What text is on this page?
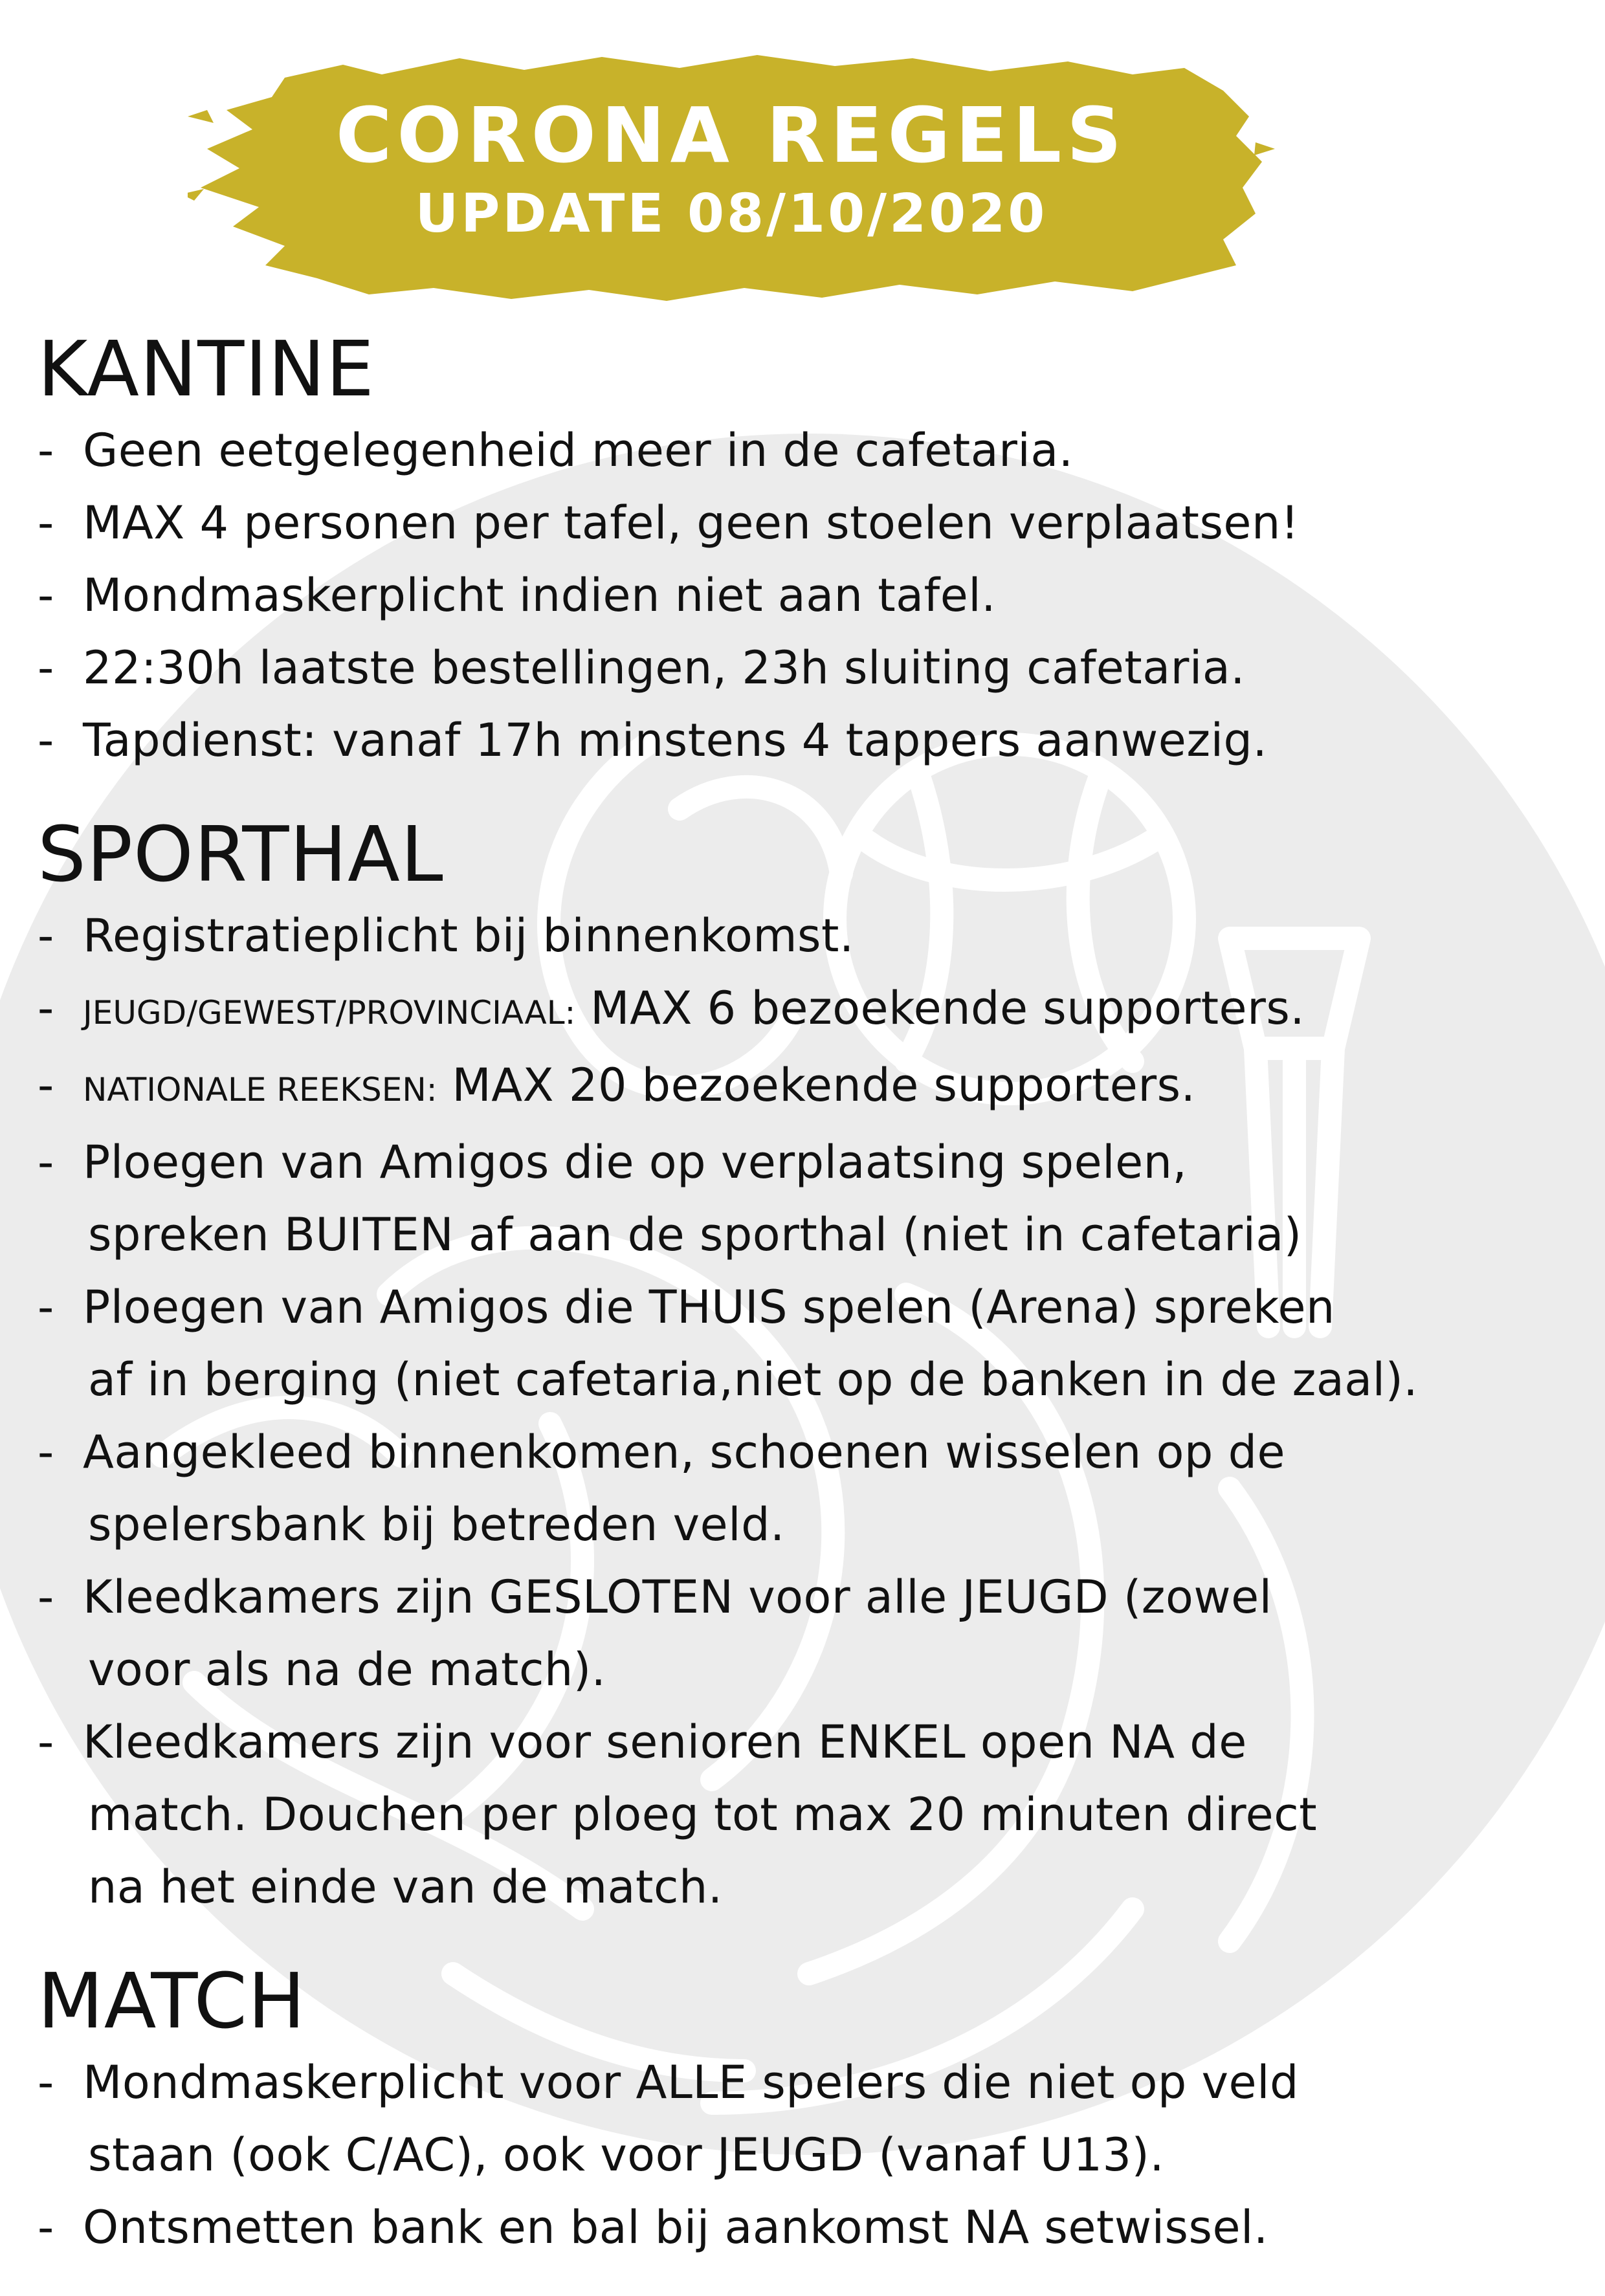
CORONA REGELS
UPDATE 08/10/2020
KANTINE
- Geen eetgelegenheid meer in de cafetaria.
- MAX 4 personen per tafel, geen stoelen verplaatsen!
- Mondmaskerplicht indien niet aan tafel.
- 22:30h laatste bestellingen, 23h sluiting cafetaria.
- Tapdienst: vanaf 17h minstens 4 tappers aanwezig.
SPORTHAL
- Registratieplicht bij binnenkomst.
- JEUGD/GEWEST/PROVINCIAAL: MAX 6 bezoekende supporters.
- NATIONALE REEKSEN: MAX 20 bezoekende supporters.
- Ploegen van Amigos die op verplaatsing spelen,
spreken BUITEN af aan de sporthal (niet in cafetaria)
- Ploegen van Amigos die THUIS spelen (Arena) spreken
af in berging (niet cafetaria,niet op de banken in de zaal).
- Aangekleed binnenkomen, schoenen wisselen op de
spelersbank bij betreden veld.
- Kleedkamers zijn GESLOTEN voor alle JEUGD (zowel
voor als na de match).
- Kleedkamers zijn voor senioren ENKEL open NA de
match. Douchen per ploeg tot max 20 minuten direct
na het einde van de match.
MATCH
- Mondmaskerplicht voor ALLE spelers die niet op veld
staan (ook C/AC), ook voor JEUGD (vanaf U13).
- Ontsmetten bank en bal bij aankomst NA setwissel.
